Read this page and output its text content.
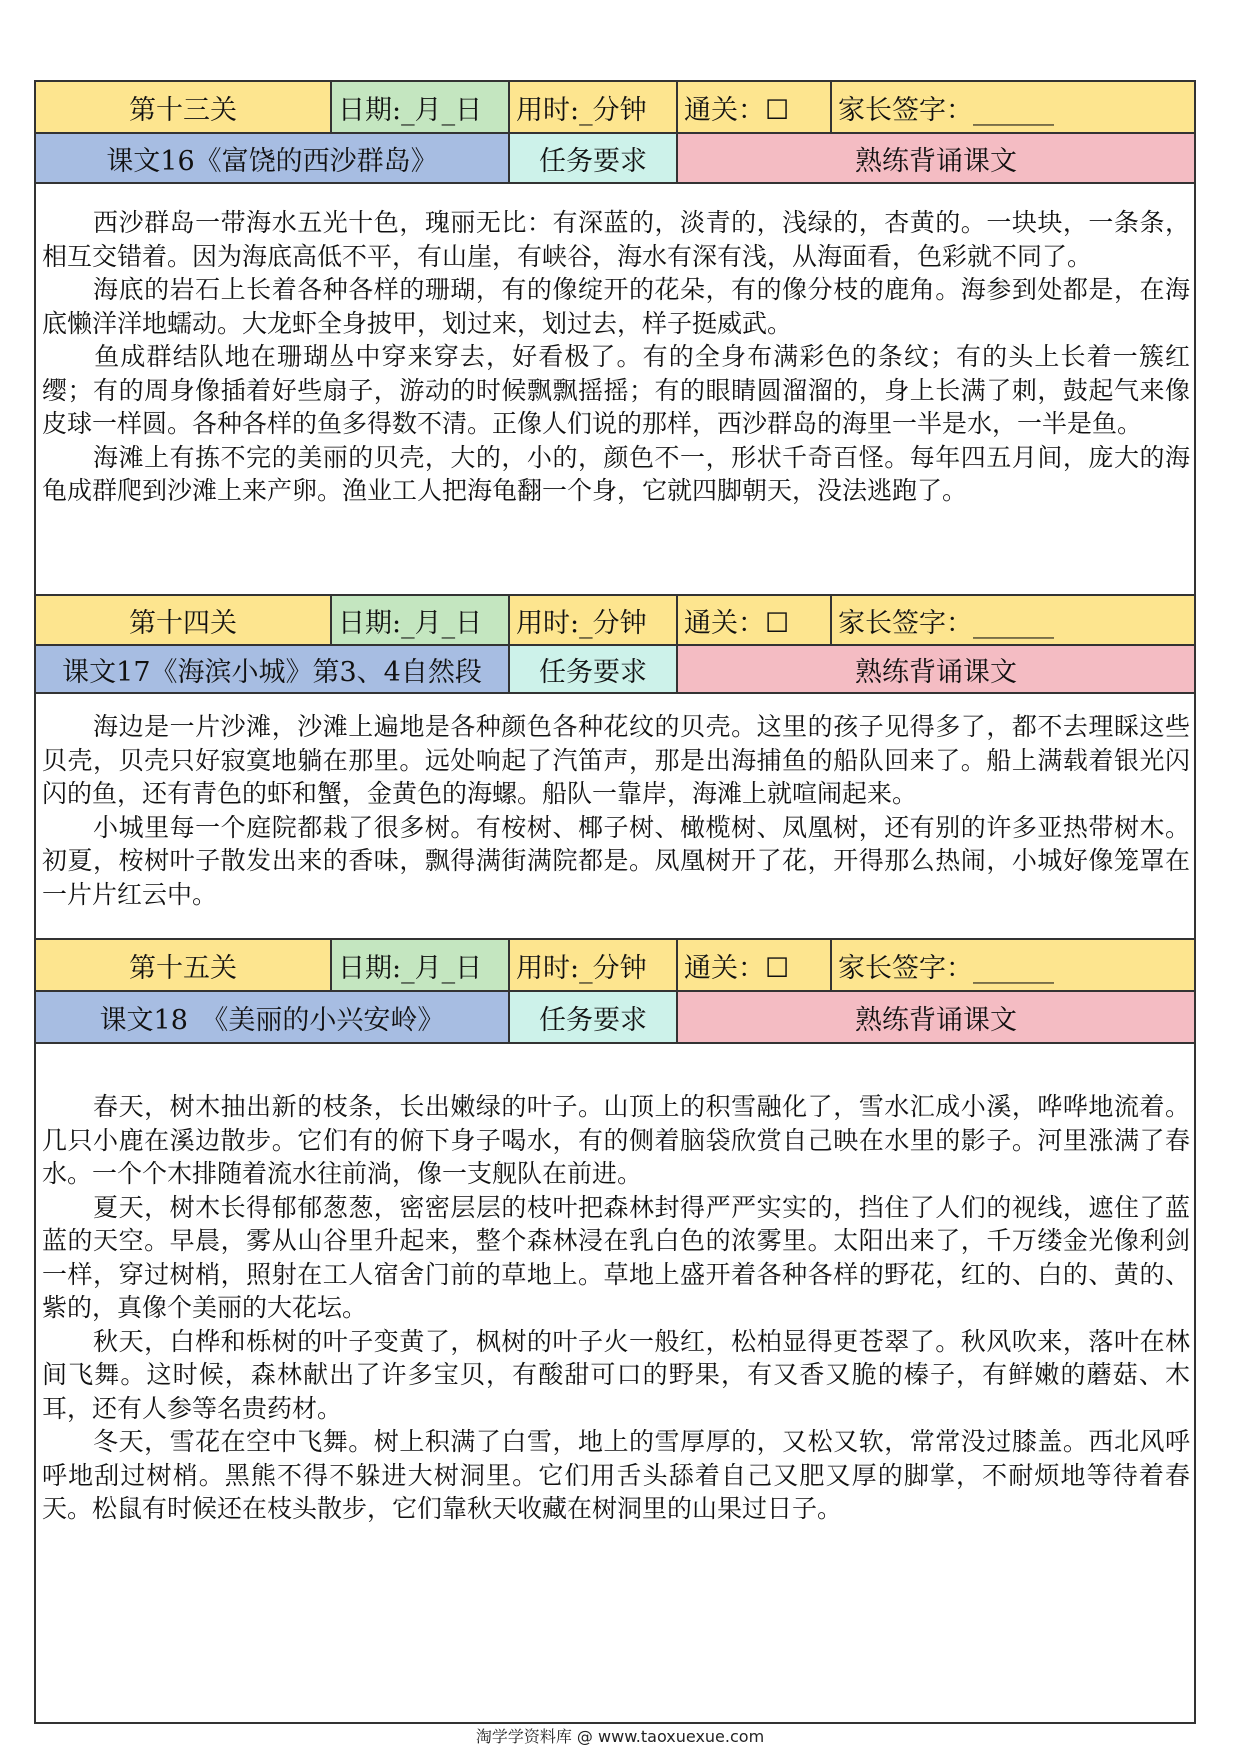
第十三关	日期:_月_日	用时:_分钟	通关：☐	家长签字：______
课文16《富饶的西沙群岛》	任务要求	熟练背诵课文

　　西沙群岛一带海水五光十色，瑰丽无比：有深蓝的，淡青的，浅绿的，杏黄的。一块块，一条条，相互交错着。因为海底高低不平，有山崖，有峡谷，海水有深有浅，从海面看，色彩就不同了。

　　海底的岩石上长着各种各样的珊瑚，有的像绽开的花朵，有的像分枝的鹿角。海参到处都是，在海底懒洋洋地蠕动。大龙虾全身披甲，划过来，划过去，样子挺威武。

　　鱼成群结队地在珊瑚丛中穿来穿去，好看极了。有的全身布满彩色的条纹；有的头上长着一簇红缨；有的周身像插着好些扇子，游动的时候飘飘摇摇；有的眼睛圆溜溜的，身上长满了刺，鼓起气来像皮球一样圆。各种各样的鱼多得数不清。正像人们说的那样，西沙群岛的海里一半是水，一半是鱼。

　　海滩上有拣不完的美丽的贝壳，大的，小的，颜色不一，形状千奇百怪。每年四五月间，庞大的海龟成群爬到沙滩上来产卵。渔业工人把海龟翻一个身，它就四脚朝天，没法逃跑了。

第十四关	日期:_月_日	用时:_分钟	通关：☐	家长签字：______
课文17《海滨小城》第3、4自然段	任务要求	熟练背诵课文

　　海边是一片沙滩，沙滩上遍地是各种颜色各种花纹的贝壳。这里的孩子见得多了，都不去理睬这些贝壳，贝壳只好寂寞地躺在那里。远处响起了汽笛声，那是出海捕鱼的船队回来了。船上满载着银光闪闪的鱼，还有青色的虾和蟹，金黄色的海螺。船队一靠岸，海滩上就喧闹起来。

　　小城里每一个庭院都栽了很多树。有桉树、椰子树、橄榄树、凤凰树，还有别的许多亚热带树木。初夏，桉树叶子散发出来的香味，飘得满街满院都是。凤凰树开了花，开得那么热闹，小城好像笼罩在一片片红云中。

第十五关	日期:_月_日	用时:_分钟	通关：☐	家长签字：______
课文18　《美丽的小兴安岭》	任务要求	熟练背诵课文

　　春天，树木抽出新的枝条，长出嫩绿的叶子。山顶上的积雪融化了，雪水汇成小溪，哗哗地流着。几只小鹿在溪边散步。它们有的俯下身子喝水，有的侧着脑袋欣赏自己映在水里的影子。河里涨满了春水。一个个木排随着流水往前淌，像一支舰队在前进。

　　夏天，树木长得郁郁葱葱，密密层层的枝叶把森林封得严严实实的，挡住了人们的视线，遮住了蓝蓝的天空。早晨，雾从山谷里升起来，整个森林浸在乳白色的浓雾里。太阳出来了，千万缕金光像利剑一样，穿过树梢，照射在工人宿舍门前的草地上。草地上盛开着各种各样的野花，红的、白的、黄的、紫的，真像个美丽的大花坛。

　　秋天，白桦和栎树的叶子变黄了，枫树的叶子火一般红，松柏显得更苍翠了。秋风吹来，落叶在林间飞舞。这时候，森林献出了许多宝贝，有酸甜可口的野果，有又香又脆的榛子，有鲜嫩的蘑菇、木耳，还有人参等名贵药材。

　　冬天，雪花在空中飞舞。树上积满了白雪，地上的雪厚厚的，又松又软，常常没过膝盖。西北风呼呼地刮过树梢。黑熊不得不躲进大树洞里。它们用舌头舔着自己又肥又厚的脚掌，不耐烦地等待着春天。松鼠有时候还在枝头散步，它们靠秋天收藏在树洞里的山果过日子。

淘学学资料库 @ www.taoxuexue.com
